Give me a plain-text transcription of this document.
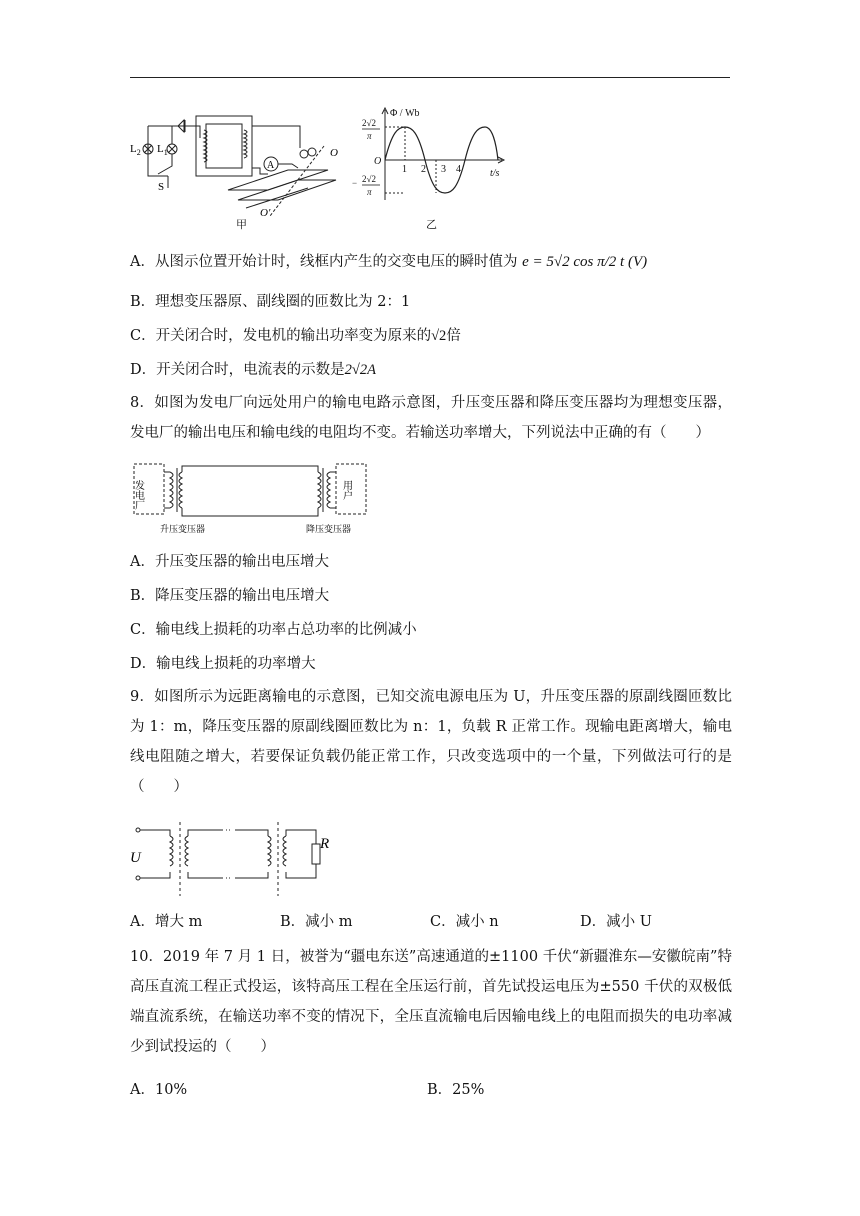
$L_2$ $L_1$
S
A
O
O′
甲
Φ / Wb
t/s
O
2√2
π
− 2√2
π
1 2 3 4
乙
A．从图示位置开始计时，线框内产生的交变电压的瞬时值为 e = 5√2 cos π/2 t (V)
B．理想变压器原、副线圈的匝数比为 2：1
C．开关闭合时，发电机的输出功率变为原来的√2倍
D．开关闭合时，电流表的示数是2√2A
8．如图为发电厂向远处用户的输电电路示意图，升压变压器和降压变压器均为理想变压器，发电厂的输出电压和输电线的电阻均不变。若输送功率增大，下列说法中正确的有（　　）
发电厂	用户
升压变压器	降压变压器
A．升压变压器的输出电压增大
B．降压变压器的输出电压增大
C．输电线上损耗的功率占总功率的比例减小
D．输电线上损耗的功率增大
9．如图所示为远距离输电的示意图，已知交流电源电压为 U，升压变压器的原副线圈匝数比为 1：m，降压变压器的原副线圈匝数比为 n：1，负载 R 正常工作。现输电距离增大，输电线电阻随之增大，若要保证负载仍能正常工作，只改变选项中的一个量，下列做法可行的是（　　）
U
R
A．增大 m	B．减小 m	C．减小 n	D．减小 U
10．2019 年 7 月 1 日，被誉为“疆电东送”高速通道的±1100 千伏“新疆淮东—安徽皖南”特高压直流工程正式投运，该特高压工程在全压运行前，首先试投运电压为±550 千伏的双极低端直流系统，在输送功率不变的情况下，全压直流输电后因输电线上的电阻而损失的电功率减少到试投运的（　　）
A．10%	B．25%
